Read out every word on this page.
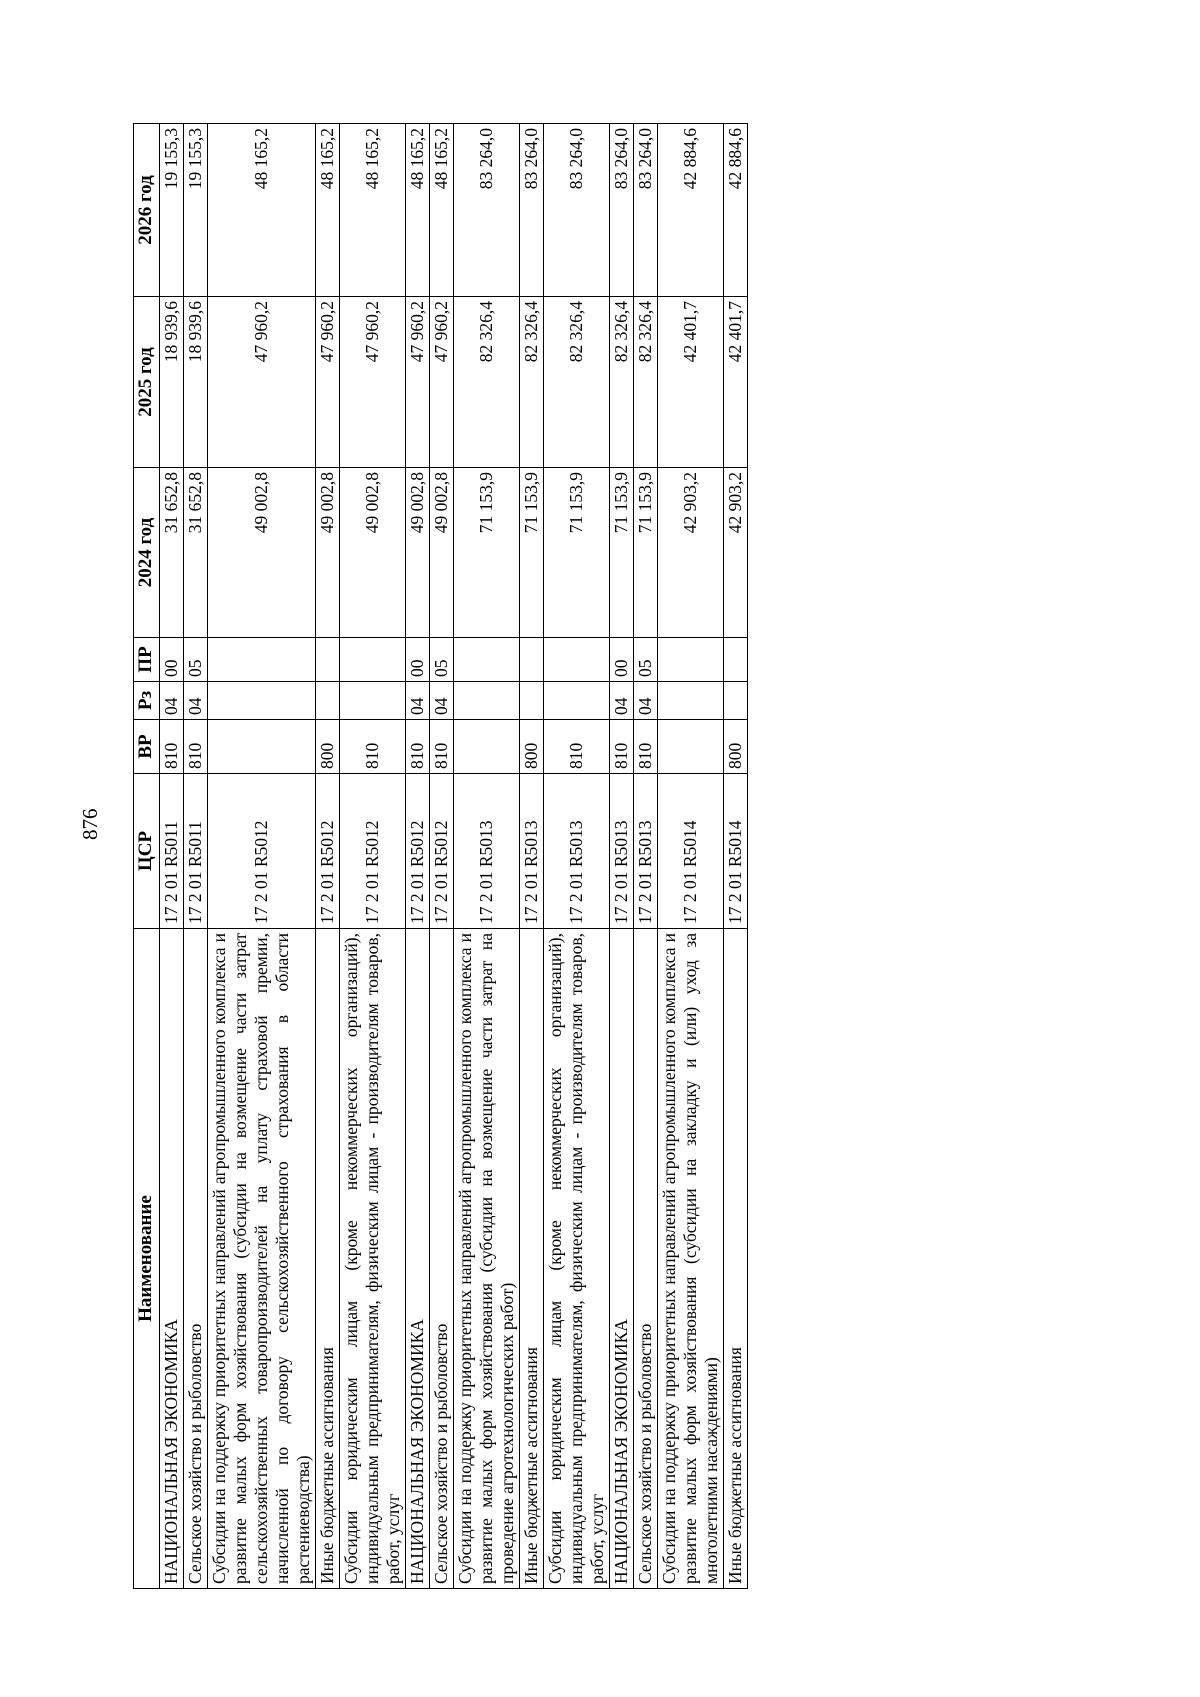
876
Наименование	ЦСР	ВР	Рз	ПР	2024 год	2025 год	2026 год
НАЦИОНАЛЬНАЯ ЭКОНОМИКА	17 2 01 R5011	810	04	00	31 652,8	18 939,6	19 155,3
Сельское хозяйство и рыболовство	17 2 01 R5011	810	04	05	31 652,8	18 939,6	19 155,3
Субсидии на поддержку приоритетных направлений агропромышленного комплекса и развитие малых форм хозяйствования (субсидии на возмещение части затрат сельскохозяйственных товаропроизводителей на уплату страховой премии, начисленной по договору сельскохозяйственного страхования в области растениеводства)	17 2 01 R5012				49 002,8	47 960,2	48 165,2
Иные бюджетные ассигнования	17 2 01 R5012	800			49 002,8	47 960,2	48 165,2
Субсидии юридическим лицам (кроме некоммерческих организаций), индивидуальным предпринимателям, физическим лицам - производителям товаров, работ, услуг	17 2 01 R5012	810			49 002,8	47 960,2	48 165,2
НАЦИОНАЛЬНАЯ ЭКОНОМИКА	17 2 01 R5012	810	04	00	49 002,8	47 960,2	48 165,2
Сельское хозяйство и рыболовство	17 2 01 R5012	810	04	05	49 002,8	47 960,2	48 165,2
Субсидии на поддержку приоритетных направлений агропромышленного комплекса и развитие малых форм хозяйствования (субсидии на возмещение части затрат на проведение агротехнологических работ)	17 2 01 R5013				71 153,9	82 326,4	83 264,0
Иные бюджетные ассигнования	17 2 01 R5013	800			71 153,9	82 326,4	83 264,0
Субсидии юридическим лицам (кроме некоммерческих организаций), индивидуальным предпринимателям, физическим лицам - производителям товаров, работ, услуг	17 2 01 R5013	810			71 153,9	82 326,4	83 264,0
НАЦИОНАЛЬНАЯ ЭКОНОМИКА	17 2 01 R5013	810	04	00	71 153,9	82 326,4	83 264,0
Сельское хозяйство и рыболовство	17 2 01 R5013	810	04	05	71 153,9	82 326,4	83 264,0
Субсидии на поддержку приоритетных направлений агропромышленного комплекса и развитие малых форм хозяйствования (субсидии на закладку и (или) уход за многолетними насаждениями)	17 2 01 R5014				42 903,2	42 401,7	42 884,6
Иные бюджетные ассигнования	17 2 01 R5014	800			42 903,2	42 401,7	42 884,6
